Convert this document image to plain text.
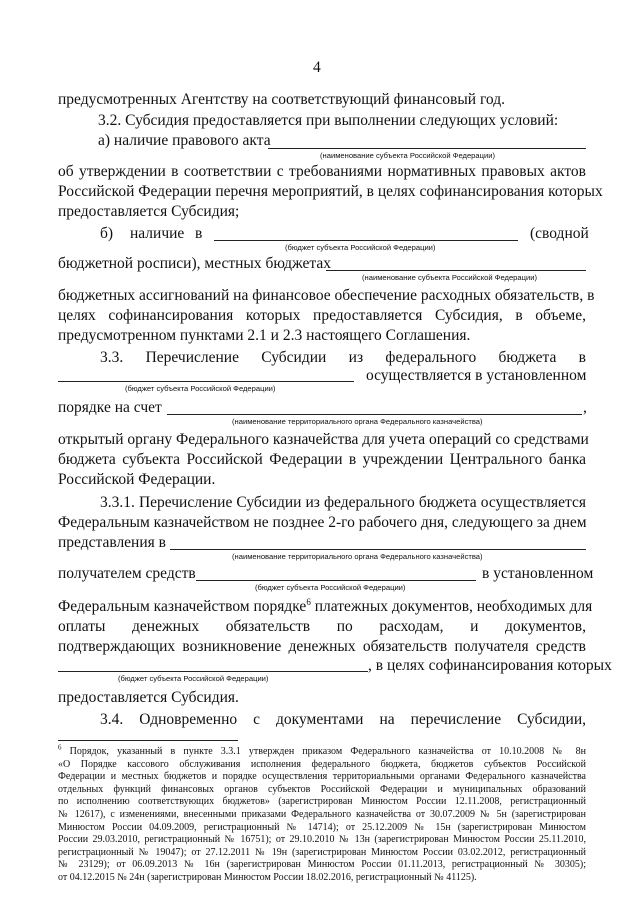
4
предусмотренных Агентству на соответствующий финансовый год.
3.2. Субсидия предоставляется при выполнении следующих условий:
а) наличие правового акта
(наименование субъекта Российской Федерации)
об утверждении в соответствии с требованиями нормативных правовых актов
Российской Федерации перечня мероприятий, в целях софинансирования которых
предоставляется Субсидия;
б) наличие в	(сводной
(бюджет субъекта Российской Федерации)
бюджетной росписи), местных бюджетах
(наименование субъекта Российской Федерации)
бюджетных ассигнований на финансовое обеспечение расходных обязательств, в
целях софинансирования которых предоставляется Субсидия, в объеме,
предусмотренном пунктами 2.1 и 2.3 настоящего Соглашения.
3.3. Перечисление Субсидии из федерального бюджета в
осуществляется в установленном
(бюджет субъекта Российской Федерации)
порядке на счет	,
(наименование территориального органа Федерального казначейства)
открытый органу Федерального казначейства для учета операций со средствами
бюджета субъекта Российской Федерации в учреждении Центрального банка
Российской Федерации.
3.3.1. Перечисление Субсидии из федерального бюджета осуществляется
Федеральным казначейством не позднее 2-го рабочего дня, следующего за днем
представления в
(наименование территориального органа Федерального казначейства)
получателем средств	в установленном
(бюджет субъекта Российской Федерации)
Федеральным казначейством порядке$^6$ платежных документов, необходимых для
оплаты денежных обязательств по расходам, и документов,
подтверждающих возникновение денежных обязательств получателя средств
, в целях софинансирования которых
(бюджет субъекта Российской Федерации)
предоставляется Субсидия.
3.4. Одновременно с документами на перечисление Субсидии,
$^6$ Порядок, указанный в пункте 3.3.1 утвержден приказом Федерального казначейства от 10.10.2008 № 8н
«О Порядке кассового обслуживания исполнения федерального бюджета, бюджетов субъектов Российской
Федерации и местных бюджетов и порядке осуществления территориальными органами Федерального казначейства
отдельных функций финансовых органов субъектов Российской Федерации и муниципальных образований
по исполнению соответствующих бюджетов» (зарегистрирован Минюстом России 12.11.2008, регистрационный
№ 12617), с изменениями, внесенными приказами Федерального казначейства от 30.07.2009 № 5н (зарегистрирован
Минюстом России 04.09.2009, регистрационный № 14714); от 25.12.2009 № 15н (зарегистрирован Минюстом
России 29.03.2010, регистрационный № 16751); от 29.10.2010 № 13н (зарегистрирован Минюстом России 25.11.2010,
регистрационный № 19047); от 27.12.2011 № 19н (зарегистрирован Минюстом России 03.02.2012, регистрационный
№ 23129); от 06.09.2013 № 16н (зарегистрирован Минюстом России 01.11.2013, регистрационный № 30305);
от 04.12.2015 № 24н (зарегистрирован Минюстом России 18.02.2016, регистрационный № 41125).
